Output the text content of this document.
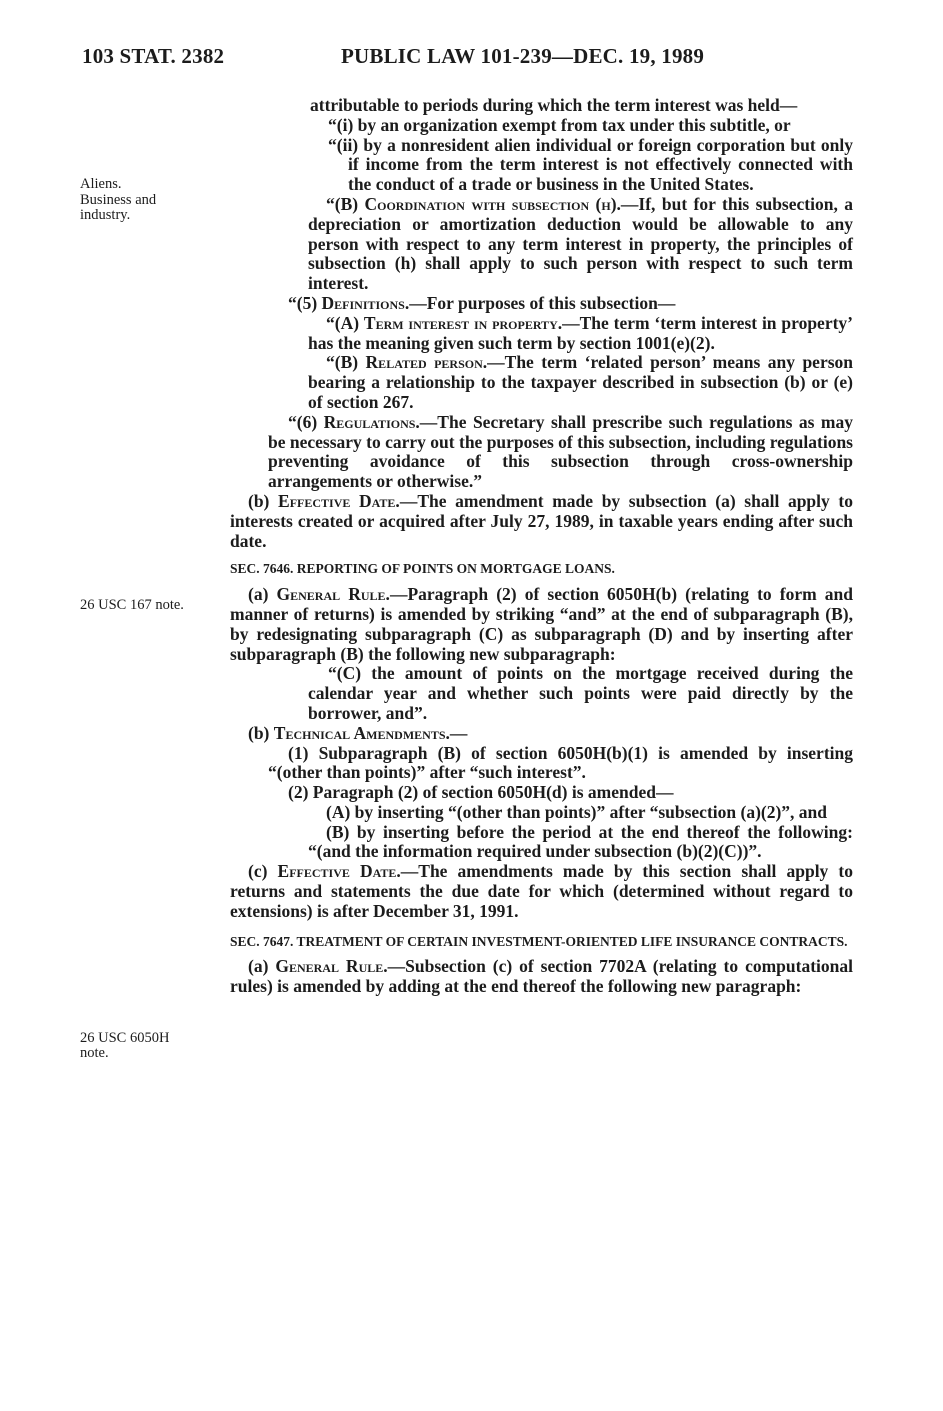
103 STAT. 2382	PUBLIC LAW 101-239—DEC. 19, 1989
Aliens.
Business and industry.
26 USC 167 note.
26 USC 6050H note.

attributable to periods during which the term interest was held—

“(i) by an organization exempt from tax under this subtitle, or

“(ii) by a nonresident alien individual or foreign corporation but only if income from the term interest is not effectively connected with the conduct of a trade or business in the United States.

“(B) Coordination with subsection (h).—If, but for this subsection, a depreciation or amortization deduction would be allowable to any person with respect to any term interest in property, the principles of subsection (h) shall apply to such person with respect to such term interest.

“(5) Definitions.—For purposes of this subsection—

“(A) Term interest in property.—The term ‘term interest in property’ has the meaning given such term by section 1001(e)(2).

“(B) Related person.—The term ‘related person’ means any person bearing a relationship to the taxpayer described in subsection (b) or (e) of section 267.

“(6) Regulations.—The Secretary shall prescribe such regulations as may be necessary to carry out the purposes of this subsection, including regulations preventing avoidance of this subsection through cross-ownership arrangements or otherwise.”

(b) Effective Date.—The amendment made by subsection (a) shall apply to interests created or acquired after July 27, 1989, in taxable years ending after such date.

SEC. 7646. REPORTING OF POINTS ON MORTGAGE LOANS.

(a) General Rule.—Paragraph (2) of section 6050H(b) (relating to form and manner of returns) is amended by striking “and” at the end of subparagraph (B), by redesignating subparagraph (C) as subparagraph (D) and by inserting after subparagraph (B) the following new subparagraph:

“(C) the amount of points on the mortgage received during the calendar year and whether such points were paid directly by the borrower, and”.

(b) Technical Amendments.—

(1) Subparagraph (B) of section 6050H(b)(1) is amended by inserting “(other than points)” after “such interest”.

(2) Paragraph (2) of section 6050H(d) is amended—

(A) by inserting “(other than points)” after “subsection (a)(2)”, and

(B) by inserting before the period at the end thereof the following: “(and the information required under subsection (b)(2)(C))”.

(c) Effective Date.—The amendments made by this section shall apply to returns and statements the due date for which (determined without regard to extensions) is after December 31, 1991.

SEC. 7647. TREATMENT OF CERTAIN INVESTMENT-ORIENTED LIFE INSURANCE CONTRACTS.

(a) General Rule.—Subsection (c) of section 7702A (relating to computational rules) is amended by adding at the end thereof the following new paragraph:
